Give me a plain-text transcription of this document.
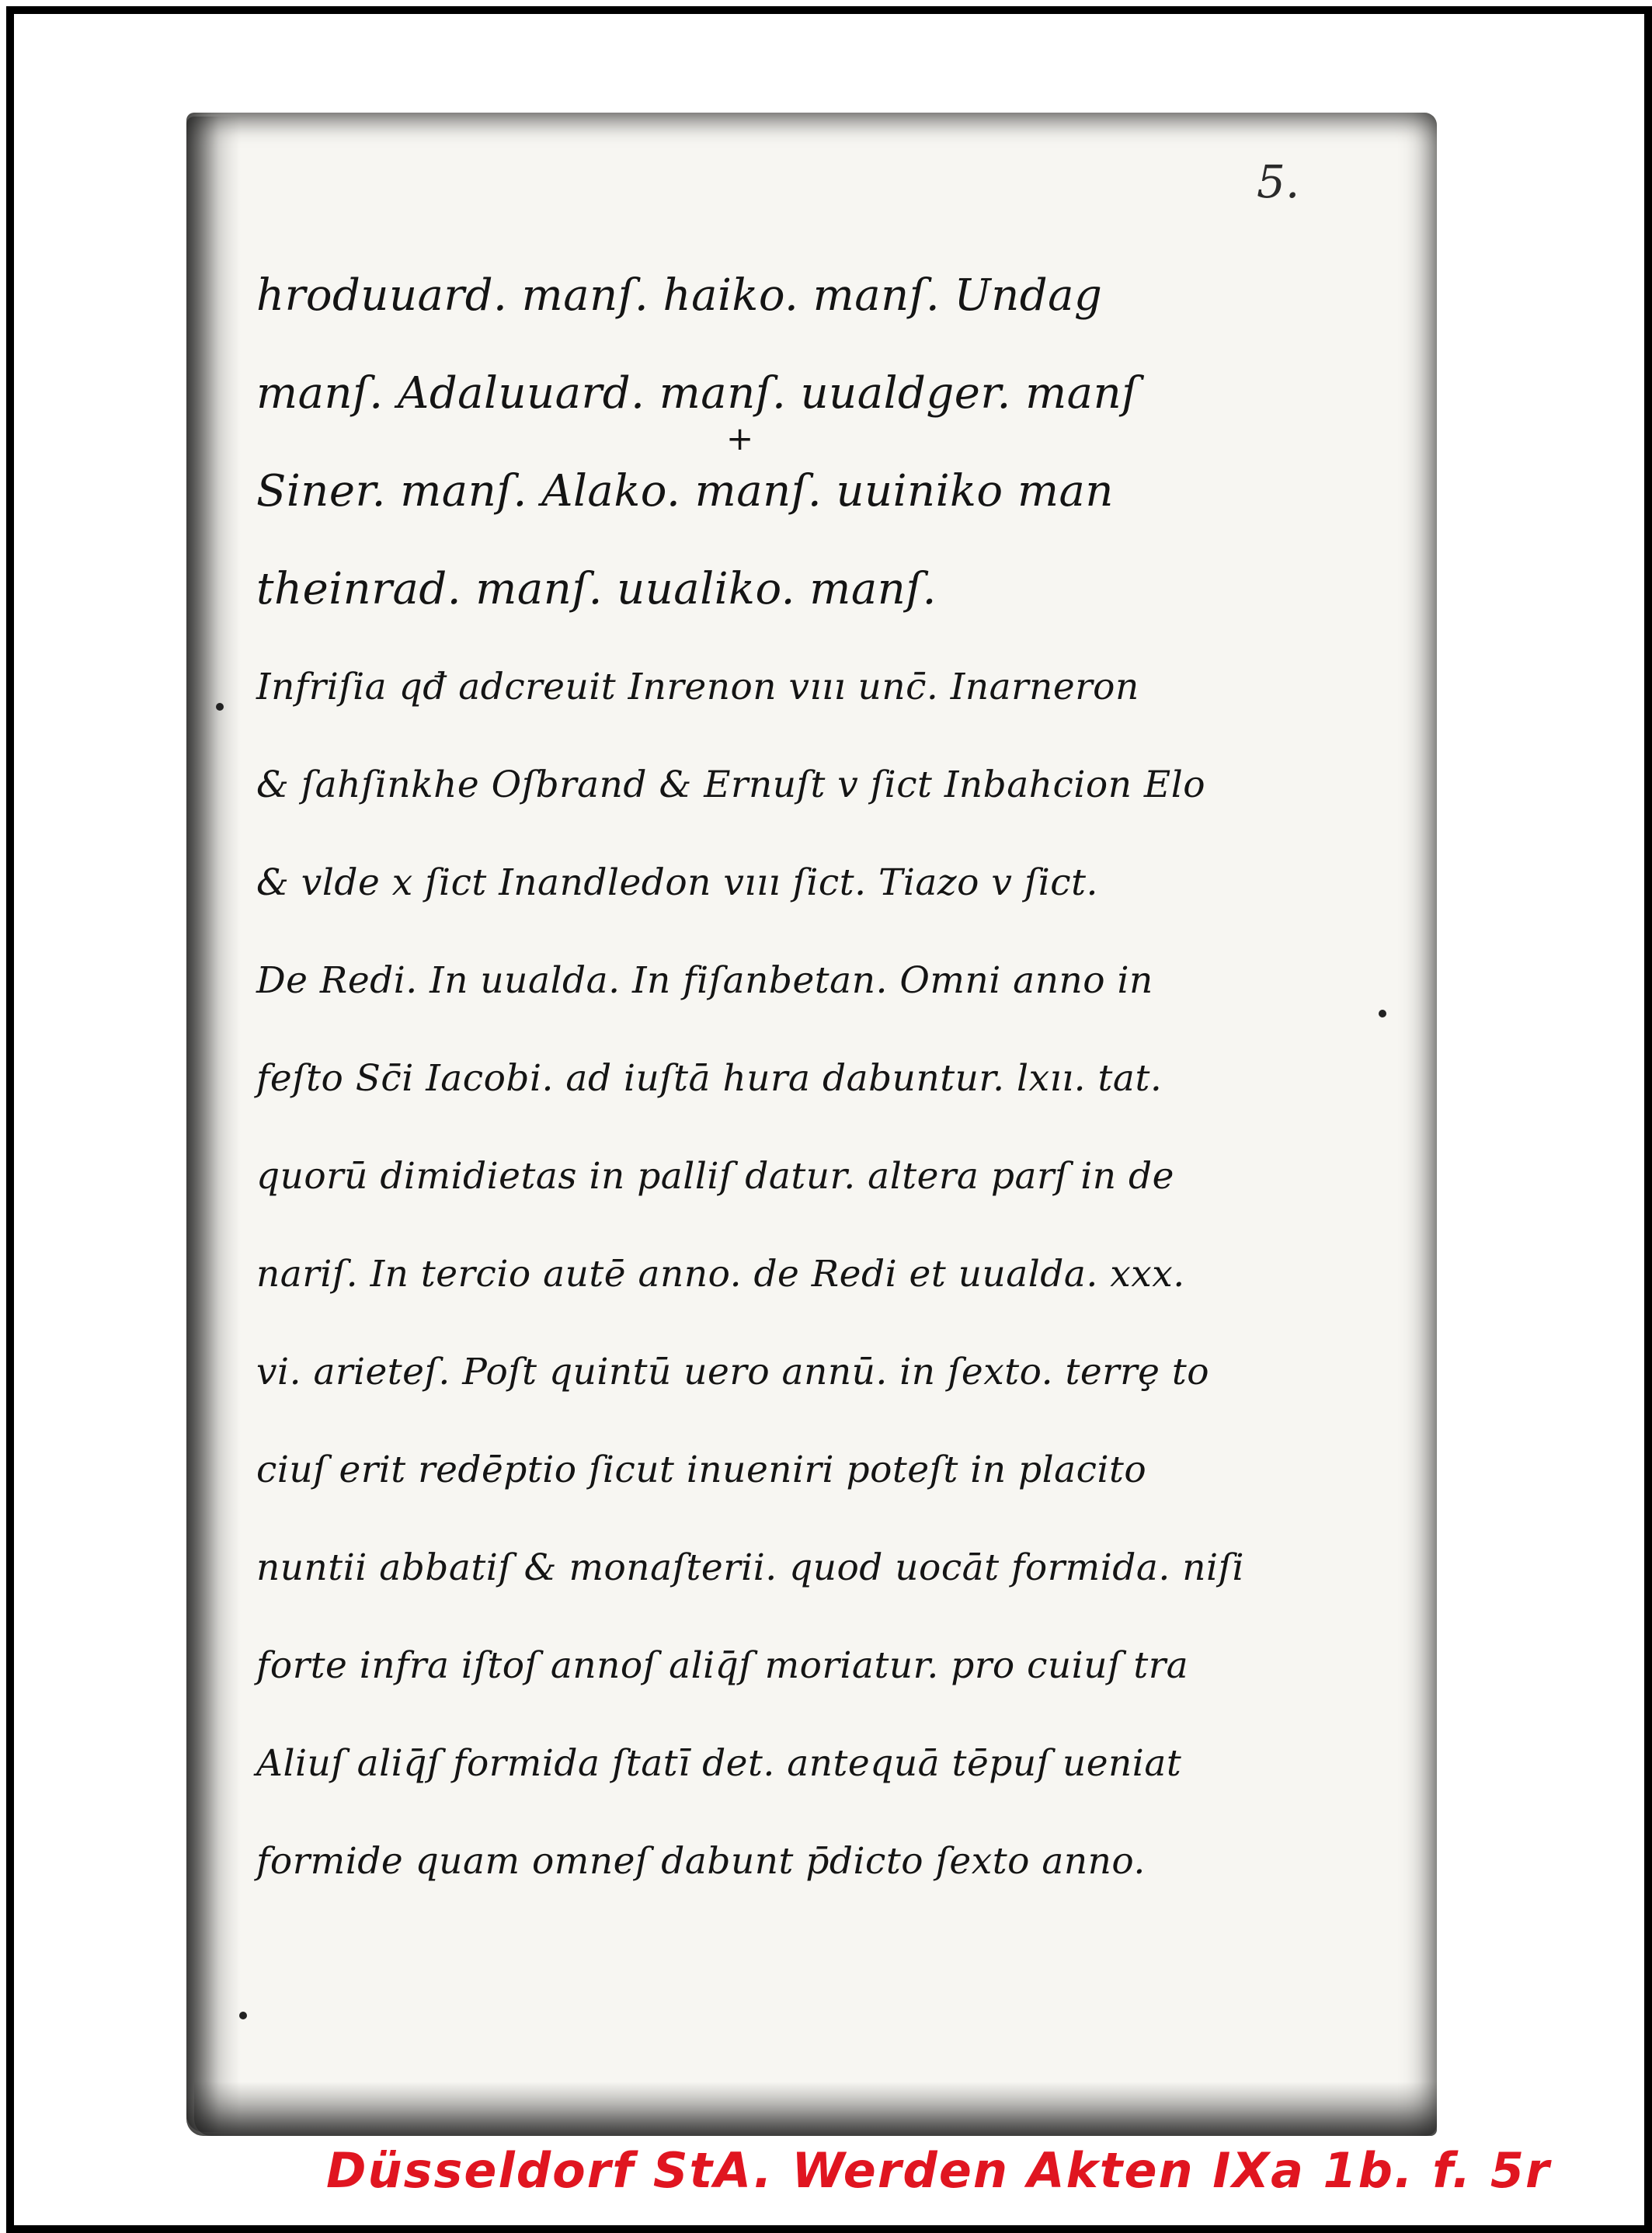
5.
+
hroduuard. manſ. haiko. manſ. Undag
manſ. Adaluuard. manſ. uualdger. manſ
Siner. manſ. Alako. manſ. uuiniko man
theinrad. manſ. uualiko. manſ.
Infriſia qđ adcreuit Inrenon vııı unc̄. Inarneron
& ſahſinkhe Oſbrand & Ernuſt v ſict Inbahcion Elo
& vlde x ſict Inandledon vııı ſict. Tiazo v ſict.
De Redi. In uualda. In fiſanbetan. Omni anno in
feſto Sc̄i Iacobi. ad iuſtā hura dabuntur. lxıı. tat.
quorū dimidietas in palliſ datur. altera parſ in de
nariſ. In tercio autē anno. de Redi et uualda. xxx.
vi. arieteſ. Poſt quintū uero annū. in ſexto. terrȩ to
ciuſ erit redēptio ſicut inueniri poteſt in placito
nuntii abbatiſ & monaſterii. quod uocāt formida. niſi
forte infra iſtoſ annoſ aliq̄ſ moriatur. pro cuiuſ tra
Aliuſ aliq̄ſ formida ſtatī det. antequā tēpuſ ueniat
formide quam omneſ dabunt p̄dicto ſexto anno.
Düsseldorf StA. Werden Akten IXa 1b. f. 5r
